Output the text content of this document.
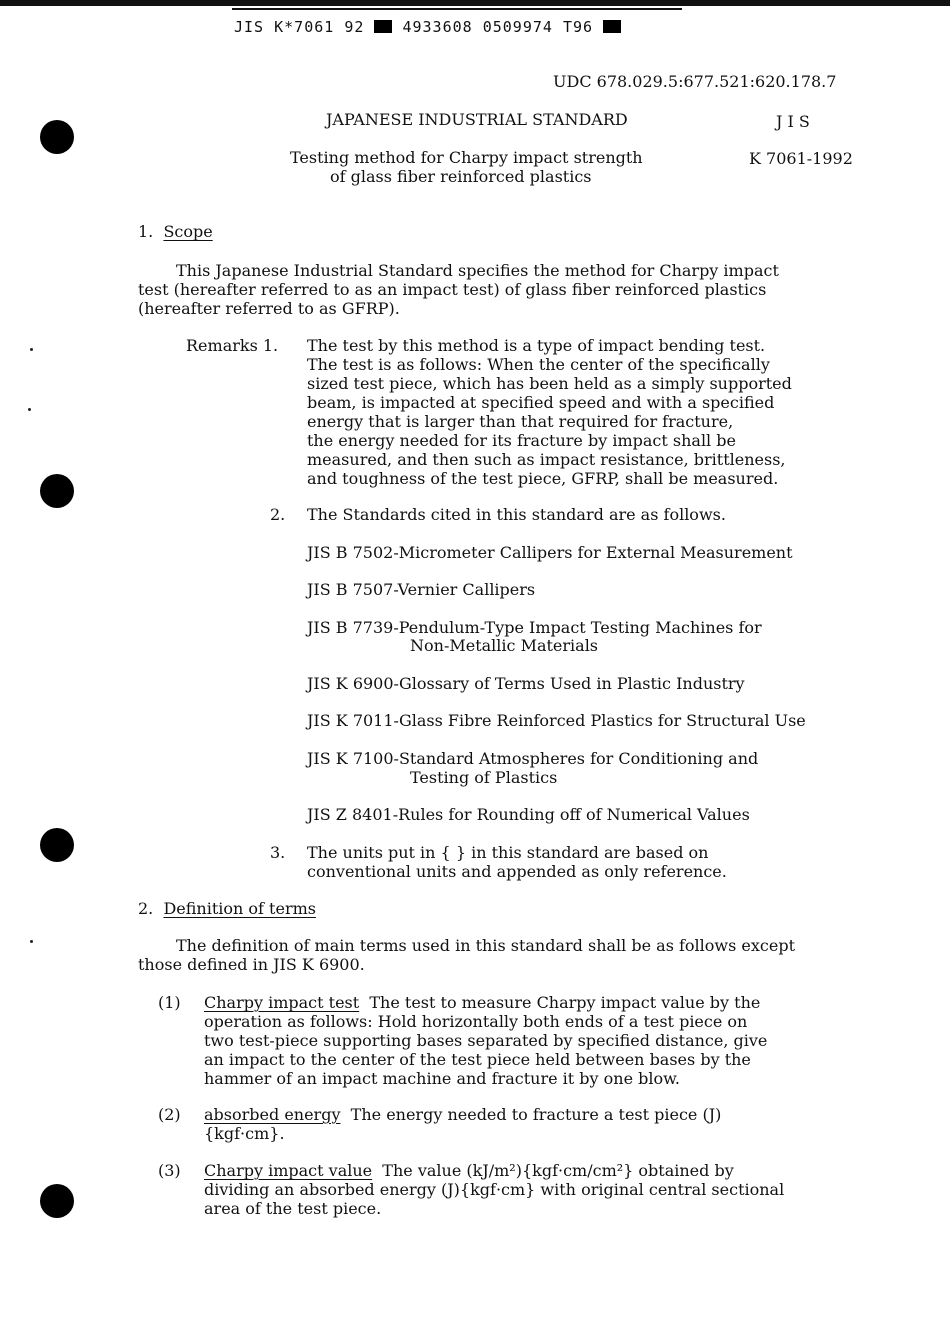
JIS K*7061 92	4933608 0509974 T96
UDC 678.029.5:677.521:620.178.7
JAPANESE INDUSTRIAL STANDARD	J I S
Testing method for Charpy impact strength
of glass fiber reinforced plastics
K 7061-1992
1. Scope
This Japanese Industrial Standard specifies the method for Charpy impact
test (hereafter referred to as an impact test) of glass fiber reinforced plastics
(hereafter referred to as GFRP).
Remarks 1. The test by this method is a type of impact bending test.
The test is as follows: When the center of the specifically
sized test piece, which has been held as a simply supported
beam, is impacted at specified speed and with a specified
energy that is larger than that required for fracture,
the energy needed for its fracture by impact shall be
measured, and then such as impact resistance, brittleness,
and toughness of the test piece, GFRP, shall be measured.
2. The Standards cited in this standard are as follows.
JIS B 7502-Micrometer Callipers for External Measurement
JIS B 7507-Vernier Callipers
JIS B 7739-Pendulum-Type Impact Testing Machines for
Non-Metallic Materials
JIS K 6900-Glossary of Terms Used in Plastic Industry
JIS K 7011-Glass Fibre Reinforced Plastics for Structural Use
JIS K 7100-Standard Atmospheres for Conditioning and
Testing of Plastics
JIS Z 8401-Rules for Rounding off of Numerical Values
3. The units put in { } in this standard are based on
conventional units and appended as only reference.
2. Definition of terms
The definition of main terms used in this standard shall be as follows except
those defined in JIS K 6900.
(1) Charpy impact test  The test to measure Charpy impact value by the
operation as follows: Hold horizontally both ends of a test piece on
two test-piece supporting bases separated by specified distance, give
an impact to the center of the test piece held between bases by the
hammer of an impact machine and fracture it by one blow.
(2) absorbed energy  The energy needed to fracture a test piece (J)
{kgf·cm}.
(3) Charpy impact value  The value (kJ/m²){kgf·cm/cm²} obtained by
dividing an absorbed energy (J){kgf·cm} with original central sectional
area of the test piece.
